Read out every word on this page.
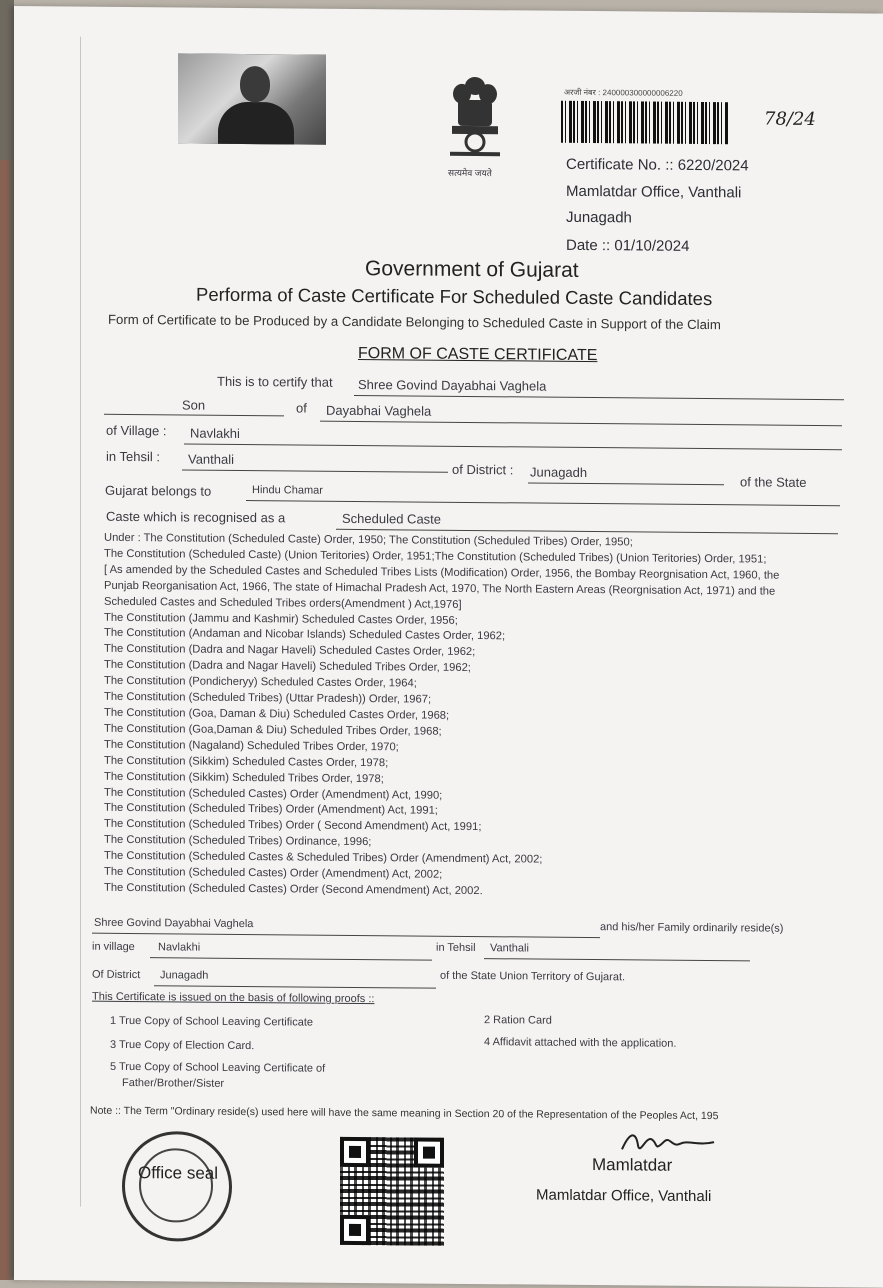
सत्यमेव जयते
अरजी नंबर : 240000300000006220
78/24
Certificate No. :: 6220/2024
Mamlatdar Office, Vanthali
Junagadh
Date :: 01/10/2024
Government of Gujarat
Performa of Caste Certificate For Scheduled Caste Candidates
Form of Certificate to be Produced by a Candidate Belonging to Scheduled Caste in Support of the Claim
FORM OF CASTE CERTIFICATE
This is to certify that Shree Govind Dayabhai Vaghela
Son	of Dayabhai Vaghela
of Village : Navlakhi
in Tehsil : Vanthali
of District : Junagadh
of the State
Gujarat belongs to	Hindu Chamar
Caste which is recognised as a	Scheduled Caste
Under : The Constitution (Scheduled Caste) Order, 1950; The Constitution (Scheduled Tribes) Order, 1950;
The Constitution (Scheduled Caste) (Union Teritories) Order, 1951;The Constitution (Scheduled Tribes) (Union Teritories) Order, 1951;
[ As amended by the Scheduled Castes and Scheduled Tribes Lists (Modification) Order, 1956, the Bombay Reorgnisation Act, 1960, the
Punjab Reorganisation Act, 1966, The state of Himachal Pradesh Act, 1970, The North Eastern Areas (Reorgnisation Act, 1971) and the
Scheduled Castes and Scheduled Tribes orders(Amendment ) Act,1976]
The Constitution (Jammu and Kashmir) Scheduled Castes Order, 1956;
The Constitution (Andaman and Nicobar Islands) Scheduled Castes Order, 1962;
The Constitution (Dadra and Nagar Haveli) Scheduled Castes Order, 1962;
The Constitution (Dadra and Nagar Haveli) Scheduled Tribes Order, 1962;
The Constitution (Pondicheryy) Scheduled Castes Order, 1964;
The Constitution (Scheduled Tribes) (Uttar Pradesh)) Order, 1967;
The Constitution (Goa, Daman & Diu) Scheduled Castes Order, 1968;
The Constitution (Goa,Daman & Diu) Scheduled Tribes Order, 1968;
The Constitution (Nagaland) Scheduled Tribes Order, 1970;
The Constitution (Sikkim) Scheduled Castes Order, 1978;
The Constitution (Sikkim) Scheduled Tribes Order, 1978;
The Constitution (Scheduled Castes) Order (Amendment) Act, 1990;
The Constitution (Scheduled Tribes) Order (Amendment) Act, 1991;
The Constitution (Scheduled Tribes) Order ( Second Amendment) Act, 1991;
The Constitution (Scheduled Tribes) Ordinance, 1996;
The Constitution (Scheduled Castes & Scheduled Tribes) Order (Amendment) Act, 2002;
The Constitution (Scheduled Castes) Order (Amendment) Act, 2002;
The Constitution (Scheduled Castes) Order (Second Amendment) Act, 2002.
Shree Govind Dayabhai Vaghela	and his/her Family ordinarily reside(s)
in village Navlakhi	in Tehsil Vanthali
Of District Junagadh	of the State Union Territory of Gujarat.
This Certificate is issued on the basis of following proofs ::
1 True Copy of School Leaving Certificate	2 Ration Card
3 True Copy of Election Card.	4 Affidavit attached with the application.
5 True Copy of School Leaving Certificate of
Father/Brother/Sister
Note :: The Term "Ordinary reside(s) used here will have the same meaning in Section 20 of the Representation of the Peoples Act, 195
Office seal	Mamlatdar
Mamlatdar Office, Vanthali
